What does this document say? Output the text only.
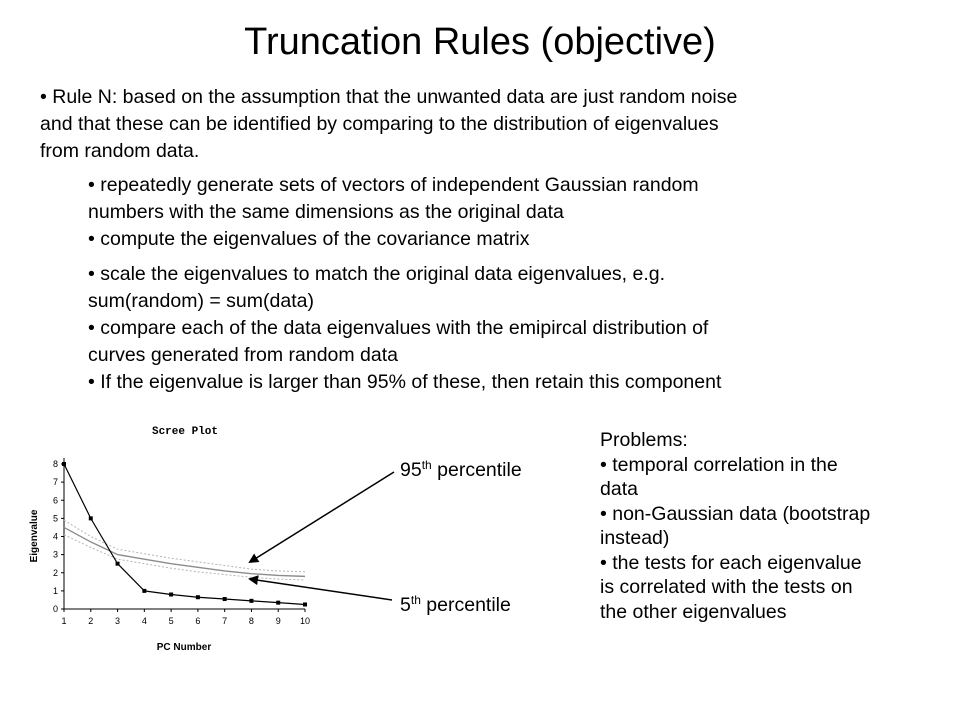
Truncation Rules (objective)
• Rule N: based on the assumption that the unwanted data are just random noise
and that these can be identified by comparing to the distribution of eigenvalues
from random data.
• repeatedly generate sets of vectors of independent Gaussian random
numbers with the same dimensions as the original data
• compute the eigenvalues of the covariance matrix
• scale the eigenvalues to match the original data eigenvalues, e.g.
sum(random) = sum(data)
• compare each of the data eigenvalues with the emipircal distribution of
curves generated from random data
• If the eigenvalue is larger than 95% of these, then retain this component
Scree Plot
Eigenvalue
PC Number
0
1
2
3
4
5
6
7
8
1 2 3 4 5 6 7 8 9 10
95th percentile
5th percentile
Problems:
• temporal correlation in the
data
• non-Gaussian data (bootstrap
instead)
• the tests for each eigenvalue
is correlated with the tests on
the other eigenvalues
